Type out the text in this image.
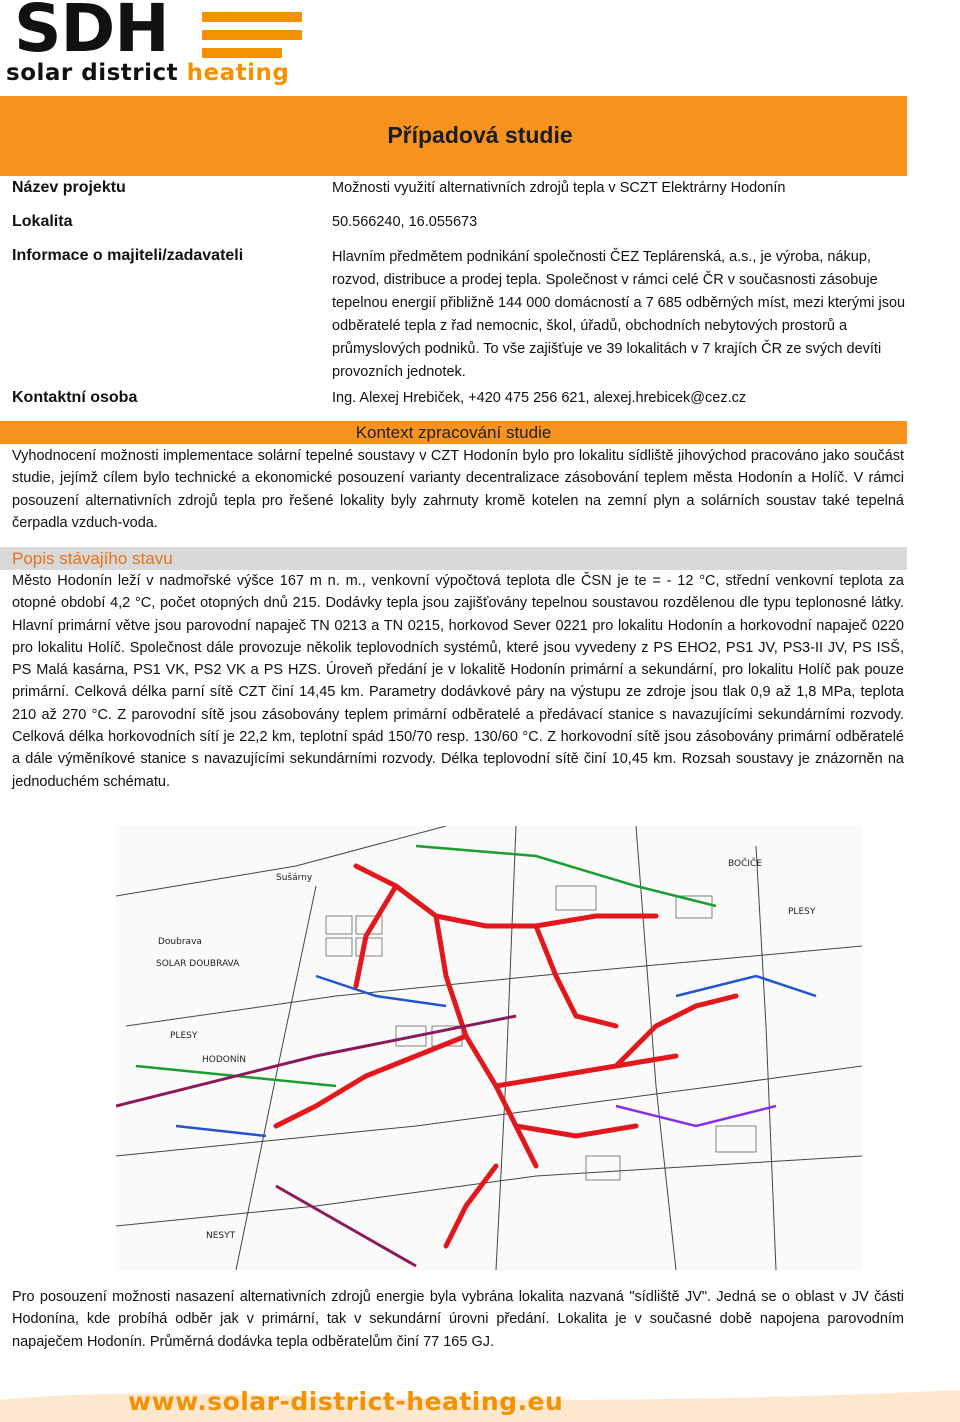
SDH
solar district heating
Případová studie
Název projektu	Možnosti využití alternativních zdrojů tepla v SCZT Elektrárny Hodonín
Lokalita	50.566240, 16.055673
Informace o majiteli/zadavateli	Hlavním předmětem podnikání společnosti ČEZ Teplárenská, a.s., je výroba, nákup, rozvod, distribuce a prodej tepla. Společnost v rámci celé ČR v současnosti zásobuje tepelnou energií přibližně 144 000 domácností a 7 685 odběrných míst, mezi kterými jsou odběratelé tepla z řad nemocnic, škol, úřadů, obchodních nebytových prostorů a průmyslových podniků. To vše zajišťuje ve 39 lokalitách v 7 krajích ČR ze svých devíti provozních jednotek.
Kontaktní osoba	Ing. Alexej Hrebiček, +420 475 256 621, alexej.hrebicek@cez.cz
Kontext zpracování studie
Vyhodnocení možnosti implementace solární tepelné soustavy v CZT Hodonín bylo pro lokalitu sídliště jihovýchod pracováno jako součást studie, jejímž cílem bylo technické a ekonomické posouzení varianty decentralizace zásobování teplem města Hodonín a Holíč. V rámci posouzení alternativních zdrojů tepla pro řešené lokality byly zahrnuty kromě kotelen na zemní plyn a solárních soustav také tepelná čerpadla vzduch-voda.
Popis stávajího stavu
Město Hodonín leží v nadmořské výšce 167 m n. m., venkovní výpočtová teplota dle ČSN je te = - 12 °C, střední venkovní teplota za otopné období 4,2 °C, počet otopných dnů 215. Dodávky tepla jsou zajišťovány tepelnou soustavou rozdělenou dle typu teplonosné látky. Hlavní primární větve jsou parovodní napaječ TN 0213 a TN 0215, horkovod Sever 0221 pro lokalitu Hodonín a horkovodní napaječ 0220 pro lokalitu Holíč. Společnost dále provozuje několik teplovodních systémů, které jsou vyvedeny z PS EHO2, PS1 JV, PS3-II JV, PS ISŠ, PS Malá kasárna, PS1 VK, PS2 VK a PS HZS. Úroveň předání je v lokalitě Hodonín primární a sekundární, pro lokalitu Holíč pak pouze primární. Celková délka parní sítě CZT činí 14,45 km. Parametry dodávkové páry na výstupu ze zdroje jsou tlak 0,9 až 1,8 MPa, teplota 210 až 270 °C. Z parovodní sítě jsou zásobovány teplem primární odběratelé a předávací stanice s navazujícími sekundárními rozvody. Celková délka horkovodních sítí je 22,2 km, teplotní spád 150/70 resp. 130/60 °C. Z horkovodní sítě jsou zásobovány primární odběratelé a dále výměníkové stanice s navazujícími sekundárními rozvody. Délka teplovodní sítě činí 10,45 km. Rozsah soustavy je znázorněn na jednoduchém schématu.
HODONÍN
PLESY
NESYT
SOLAR DOUBRAVA
Doubrava
Sušárny
BOČIČE
PLESY
Pro posouzení možnosti nasazení alternativních zdrojů energie byla vybrána lokalita nazvaná "sídliště JV". Jedná se o oblast v JV části Hodonína, kde probíhá odběr jak v primární, tak v sekundární úrovni předání. Lokalita je v současné době napojena parovodním napaječem Hodonín. Průměrná dodávka tepla odběratelům činí 77 165 GJ.
www.solar-district-heating.eu
